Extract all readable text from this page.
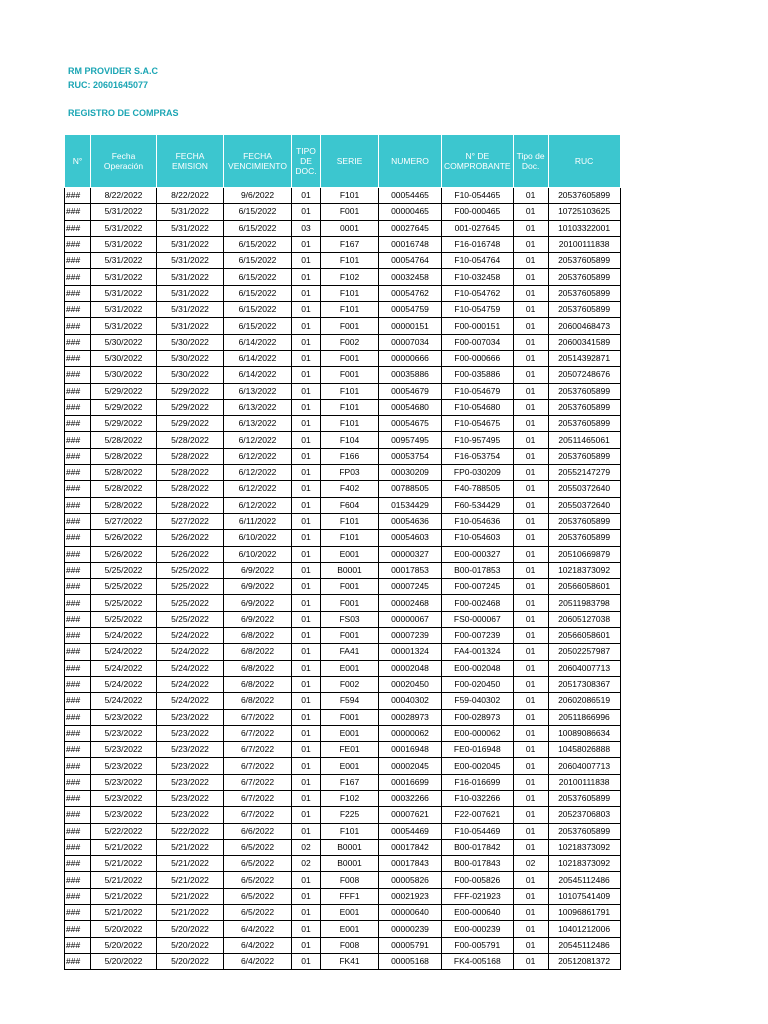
RM PROVIDER S.A.C
RUC: 20601645077
REGISTRO DE COMPRAS
N°	Fecha Operación	FECHA EMISION	FECHA VENCIMIENTO	TIPO DE DOC.	SERIE	NUMERO	N° DE COMPROBANTE	Tipo de Doc.	RUC
###	8/22/2022	8/22/2022	9/6/2022	01	F101	00054465	F10-054465	01	20537605899
###	5/31/2022	5/31/2022	6/15/2022	01	F001	00000465	F00-000465	01	10725103625
###	5/31/2022	5/31/2022	6/15/2022	03	0001	00027645	001-027645	01	10103322001
###	5/31/2022	5/31/2022	6/15/2022	01	F167	00016748	F16-016748	01	20100111838
###	5/31/2022	5/31/2022	6/15/2022	01	F101	00054764	F10-054764	01	20537605899
###	5/31/2022	5/31/2022	6/15/2022	01	F102	00032458	F10-032458	01	20537605899
###	5/31/2022	5/31/2022	6/15/2022	01	F101	00054762	F10-054762	01	20537605899
###	5/31/2022	5/31/2022	6/15/2022	01	F101	00054759	F10-054759	01	20537605899
###	5/31/2022	5/31/2022	6/15/2022	01	F001	00000151	F00-000151	01	20600468473
###	5/30/2022	5/30/2022	6/14/2022	01	F002	00007034	F00-007034	01	20600341589
###	5/30/2022	5/30/2022	6/14/2022	01	F001	00000666	F00-000666	01	20514392871
###	5/30/2022	5/30/2022	6/14/2022	01	F001	00035886	F00-035886	01	20507248676
###	5/29/2022	5/29/2022	6/13/2022	01	F101	00054679	F10-054679	01	20537605899
###	5/29/2022	5/29/2022	6/13/2022	01	F101	00054680	F10-054680	01	20537605899
###	5/29/2022	5/29/2022	6/13/2022	01	F101	00054675	F10-054675	01	20537605899
###	5/28/2022	5/28/2022	6/12/2022	01	F104	00957495	F10-957495	01	20511465061
###	5/28/2022	5/28/2022	6/12/2022	01	F166	00053754	F16-053754	01	20537605899
###	5/28/2022	5/28/2022	6/12/2022	01	FP03	00030209	FP0-030209	01	20552147279
###	5/28/2022	5/28/2022	6/12/2022	01	F402	00788505	F40-788505	01	20550372640
###	5/28/2022	5/28/2022	6/12/2022	01	F604	01534429	F60-534429	01	20550372640
###	5/27/2022	5/27/2022	6/11/2022	01	F101	00054636	F10-054636	01	20537605899
###	5/26/2022	5/26/2022	6/10/2022	01	F101	00054603	F10-054603	01	20537605899
###	5/26/2022	5/26/2022	6/10/2022	01	E001	00000327	E00-000327	01	20510669879
###	5/25/2022	5/25/2022	6/9/2022	01	B0001	00017853	B00-017853	01	10218373092
###	5/25/2022	5/25/2022	6/9/2022	01	F001	00007245	F00-007245	01	20566058601
###	5/25/2022	5/25/2022	6/9/2022	01	F001	00002468	F00-002468	01	20511983798
###	5/25/2022	5/25/2022	6/9/2022	01	FS03	00000067	FS0-000067	01	20605127038
###	5/24/2022	5/24/2022	6/8/2022	01	F001	00007239	F00-007239	01	20566058601
###	5/24/2022	5/24/2022	6/8/2022	01	FA41	00001324	FA4-001324	01	20502257987
###	5/24/2022	5/24/2022	6/8/2022	01	E001	00002048	E00-002048	01	20604007713
###	5/24/2022	5/24/2022	6/8/2022	01	F002	00020450	F00-020450	01	20517308367
###	5/24/2022	5/24/2022	6/8/2022	01	F594	00040302	F59-040302	01	20602086519
###	5/23/2022	5/23/2022	6/7/2022	01	F001	00028973	F00-028973	01	20511866996
###	5/23/2022	5/23/2022	6/7/2022	01	E001	00000062	E00-000062	01	10089086634
###	5/23/2022	5/23/2022	6/7/2022	01	FE01	00016948	FE0-016948	01	10458026888
###	5/23/2022	5/23/2022	6/7/2022	01	E001	00002045	E00-002045	01	20604007713
###	5/23/2022	5/23/2022	6/7/2022	01	F167	00016699	F16-016699	01	20100111838
###	5/23/2022	5/23/2022	6/7/2022	01	F102	00032266	F10-032266	01	20537605899
###	5/23/2022	5/23/2022	6/7/2022	01	F225	00007621	F22-007621	01	20523706803
###	5/22/2022	5/22/2022	6/6/2022	01	F101	00054469	F10-054469	01	20537605899
###	5/21/2022	5/21/2022	6/5/2022	02	B0001	00017842	B00-017842	01	10218373092
###	5/21/2022	5/21/2022	6/5/2022	02	B0001	00017843	B00-017843	02	10218373092
###	5/21/2022	5/21/2022	6/5/2022	01	F008	00005826	F00-005826	01	20545112486
###	5/21/2022	5/21/2022	6/5/2022	01	FFF1	00021923	FFF-021923	01	10107541409
###	5/21/2022	5/21/2022	6/5/2022	01	E001	00000640	E00-000640	01	10096861791
###	5/20/2022	5/20/2022	6/4/2022	01	E001	00000239	E00-000239	01	10401212006
###	5/20/2022	5/20/2022	6/4/2022	01	F008	00005791	F00-005791	01	20545112486
###	5/20/2022	5/20/2022	6/4/2022	01	FK41	00005168	FK4-005168	01	20512081372
